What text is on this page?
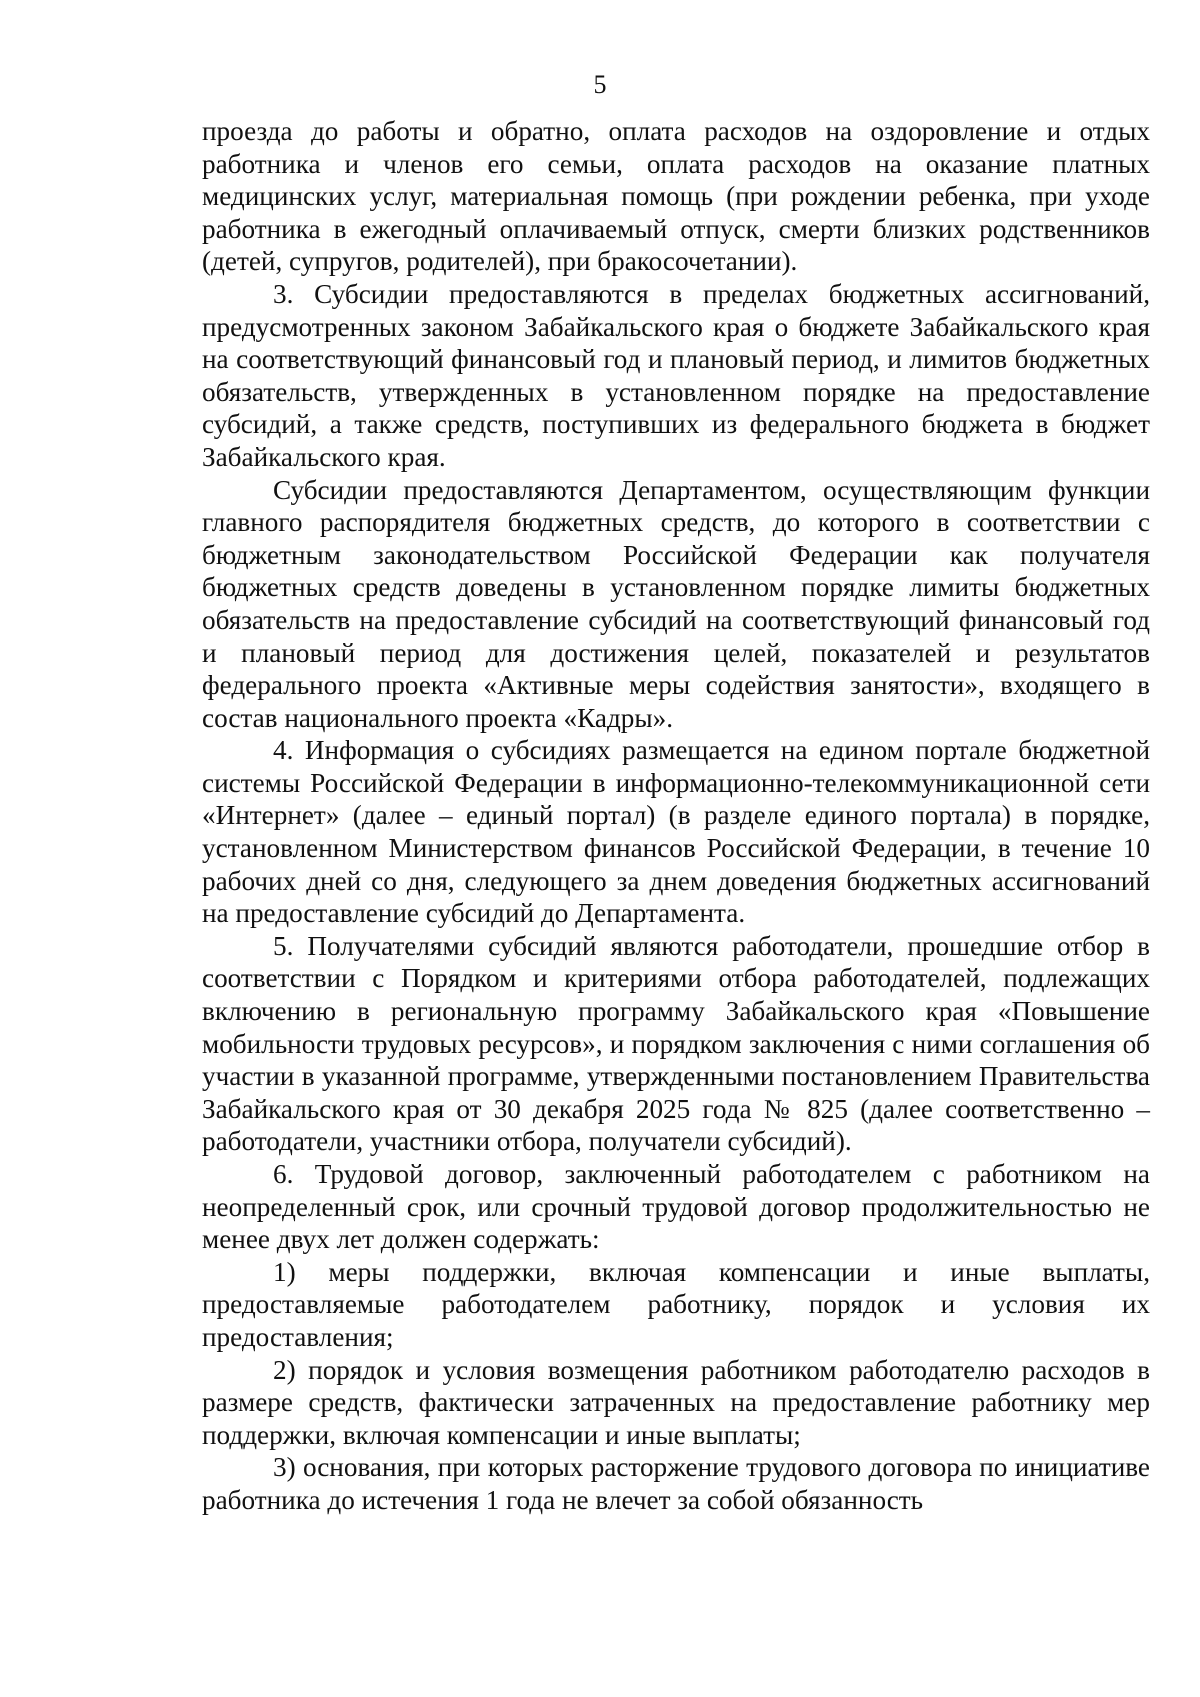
5

проезда до работы и обратно, оплата расходов на оздоровление и отдых работника и членов его семьи, оплата расходов на оказание платных медицинских услуг, материальная помощь (при рождении ребенка, при уходе работника в ежегодный оплачиваемый отпуск, смерти близких родственников (детей, супругов, родителей), при бракосочетании).

3. Субсидии предоставляются в пределах бюджетных ассигнований, предусмотренных законом Забайкальского края о бюджете Забайкальского края на соответствующий финансовый год и плановый период, и лимитов бюджетных обязательств, утвержденных в установленном порядке на предоставление субсидий, а также средств, поступивших из федерального бюджета в бюджет Забайкальского края.

Субсидии предоставляются Департаментом, осуществляющим функции главного распорядителя бюджетных средств, до которого в соответствии с бюджетным законодательством Российской Федерации как получателя бюджетных средств доведены в установленном порядке лимиты бюджетных обязательств на предоставление субсидий на соответствующий финансовый год и плановый период для достижения целей, показателей и результатов федерального проекта «Активные меры содействия занятости», входящего в состав национального проекта «Кадры».

4. Информация о субсидиях размещается на едином портале бюджетной системы Российской Федерации в информационно-телекоммуникационной сети «Интернет» (далее – единый портал) (в разделе единого портала) в порядке, установленном Министерством финансов Российской Федерации, в течение 10 рабочих дней со дня, следующего за днем доведения бюджетных ассигнований на предоставление субсидий до Департамента.

5. Получателями субсидий являются работодатели, прошедшие отбор в соответствии с Порядком и критериями отбора работодателей, подлежащих включению в региональную программу Забайкальского края «Повышение мобильности трудовых ресурсов», и порядком заключения с ними соглашения об участии в указанной программе, утвержденными постановлением Правительства Забайкальского края от 30 декабря 2025 года № 825 (далее соответственно – работодатели, участники отбора, получатели субсидий).

6. Трудовой договор, заключенный работодателем с работником на неопределенный срок, или срочный трудовой договор продолжительностью не менее двух лет должен содержать:

1) меры поддержки, включая компенсации и иные выплаты, предоставляемые работодателем работнику, порядок и условия их предоставления;

2) порядок и условия возмещения работником работодателю расходов в размере средств, фактически затраченных на предоставление работнику мер поддержки, включая компенсации и иные выплаты;

3) основания, при которых расторжение трудового договора по инициативе работника до истечения 1 года не влечет за собой обязанность
